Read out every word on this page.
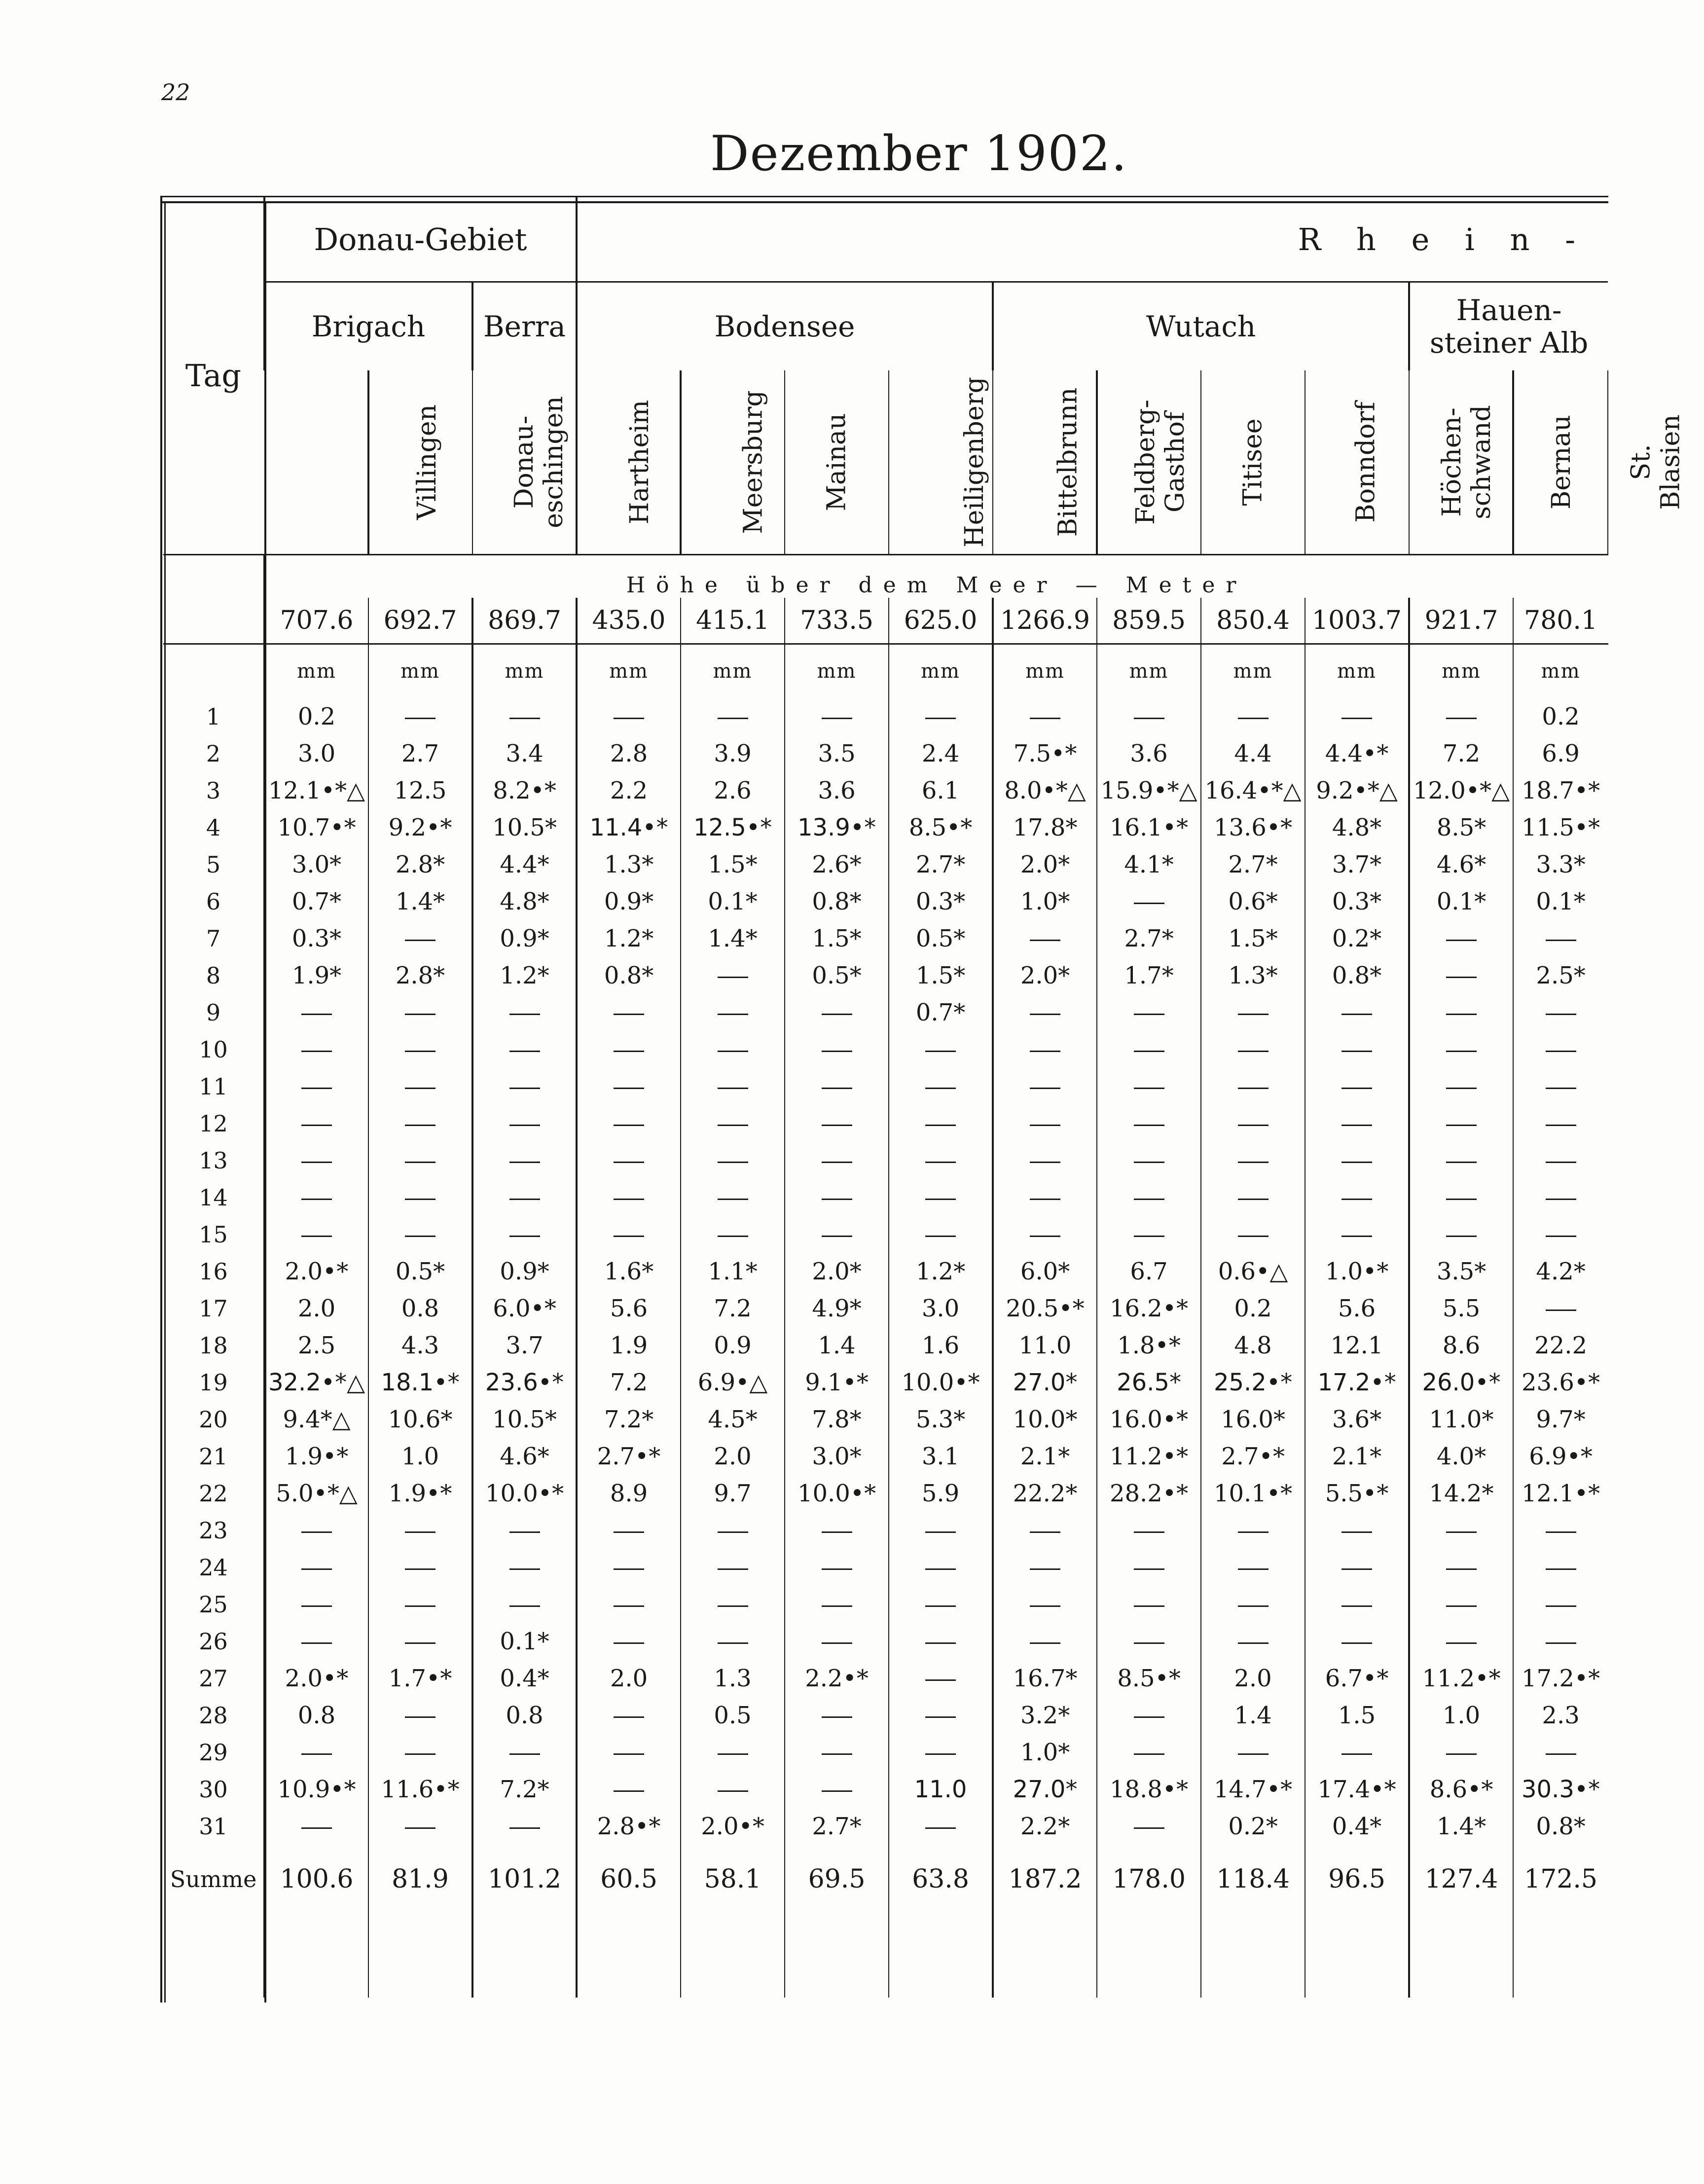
22
Dezember 1902.
Tag	Donau-Gebiet			R h e i n -										
	Brigach		Berra	Bodensee				Wutach				Hauen-
steiner Alb		
		Villingen	Donau-
eschingen	Hartheim	Meersburg	Mainau	Heiligenberg	Bittelbrunn	Feldberg-
Gasthof	Titisee	Bonndorf	Höchen-
schwand	Bernau	St. Blasien
	Höhe über dem Meer — Meter													
	707.6	692.7	869.7	435.0	415.1	733.5	625.0	1266.9	859.5	850.4	1003.7	921.7	780.1	
	mm	mm	mm	mm	mm	mm	mm	mm	mm	mm	mm	mm	mm	
1	0.2												0.2	
2	3.0	2.7	3.4	2.8	3.9	3.5	2.4	7.5•*	3.6	4.4	4.4•*	7.2	6.9	
3	12.1•*△	12.5	8.2•*	2.2	2.6	3.6	6.1	8.0•*△	15.9•*△	16.4•*△	9.2•*△	12.0•*△	18.7•*	
4	10.7•*	9.2•*	10.5*	11.4•*	12.5•*	13.9•*	8.5•*	17.8*	16.1•*	13.6•*	4.8*	8.5*	11.5•*	
5	3.0*	2.8*	4.4*	1.3*	1.5*	2.6*	2.7*	2.0*	4.1*	2.7*	3.7*	4.6*	3.3*	
6	0.7*	1.4*	4.8*	0.9*	0.1*	0.8*	0.3*	1.0*		0.6*	0.3*	0.1*	0.1*	
7	0.3*		0.9*	1.2*	1.4*	1.5*	0.5*		2.7*	1.5*	0.2*			
8	1.9*	2.8*	1.2*	0.8*		0.5*	1.5*	2.0*	1.7*	1.3*	0.8*		2.5*	
9							0.7*							
10														
11														
12														
13														
14														
15														
16	2.0•*	0.5*	0.9*	1.6*	1.1*	2.0*	1.2*	6.0*	6.7	0.6•△	1.0•*	3.5*	4.2*	
17	2.0	0.8	6.0•*	5.6	7.2	4.9*	3.0	20.5•*	16.2•*	0.2	5.6	5.5		
18	2.5	4.3	3.7	1.9	0.9	1.4	1.6	11.0	1.8•*	4.8	12.1	8.6	22.2	
19	32.2•*△	18.1•*	23.6•*	7.2	6.9•△	9.1•*	10.0•*	27.0*	26.5*	25.2•*	17.2•*	26.0•*	23.6•*	
20	9.4*△	10.6*	10.5*	7.2*	4.5*	7.8*	5.3*	10.0*	16.0•*	16.0*	3.6*	11.0*	9.7*	
21	1.9•*	1.0	4.6*	2.7•*	2.0	3.0*	3.1	2.1*	11.2•*	2.7•*	2.1*	4.0*	6.9•*	
22	5.0•*△	1.9•*	10.0•*	8.9	9.7	10.0•*	5.9	22.2*	28.2•*	10.1•*	5.5•*	14.2*	12.1•*	
23														
24														
25														
26			0.1*											
27	2.0•*	1.7•*	0.4*	2.0	1.3	2.2•*		16.7*	8.5•*	2.0	6.7•*	11.2•*	17.2•*	
28	0.8		0.8		0.5			3.2*		1.4	1.5	1.0	2.3	
29								1.0*						
30	10.9•*	11.6•*	7.2*				11.0	27.0*	18.8•*	14.7•*	17.4•*	8.6•*	30.3•*	
31				2.8•*	2.0•*	2.7*		2.2*		0.2*	0.4*	1.4*	0.8*	
Summe	100.6	81.9	101.2	60.5	58.1	69.5	63.8	187.2	178.0	118.4	96.5	127.4	172.5	
